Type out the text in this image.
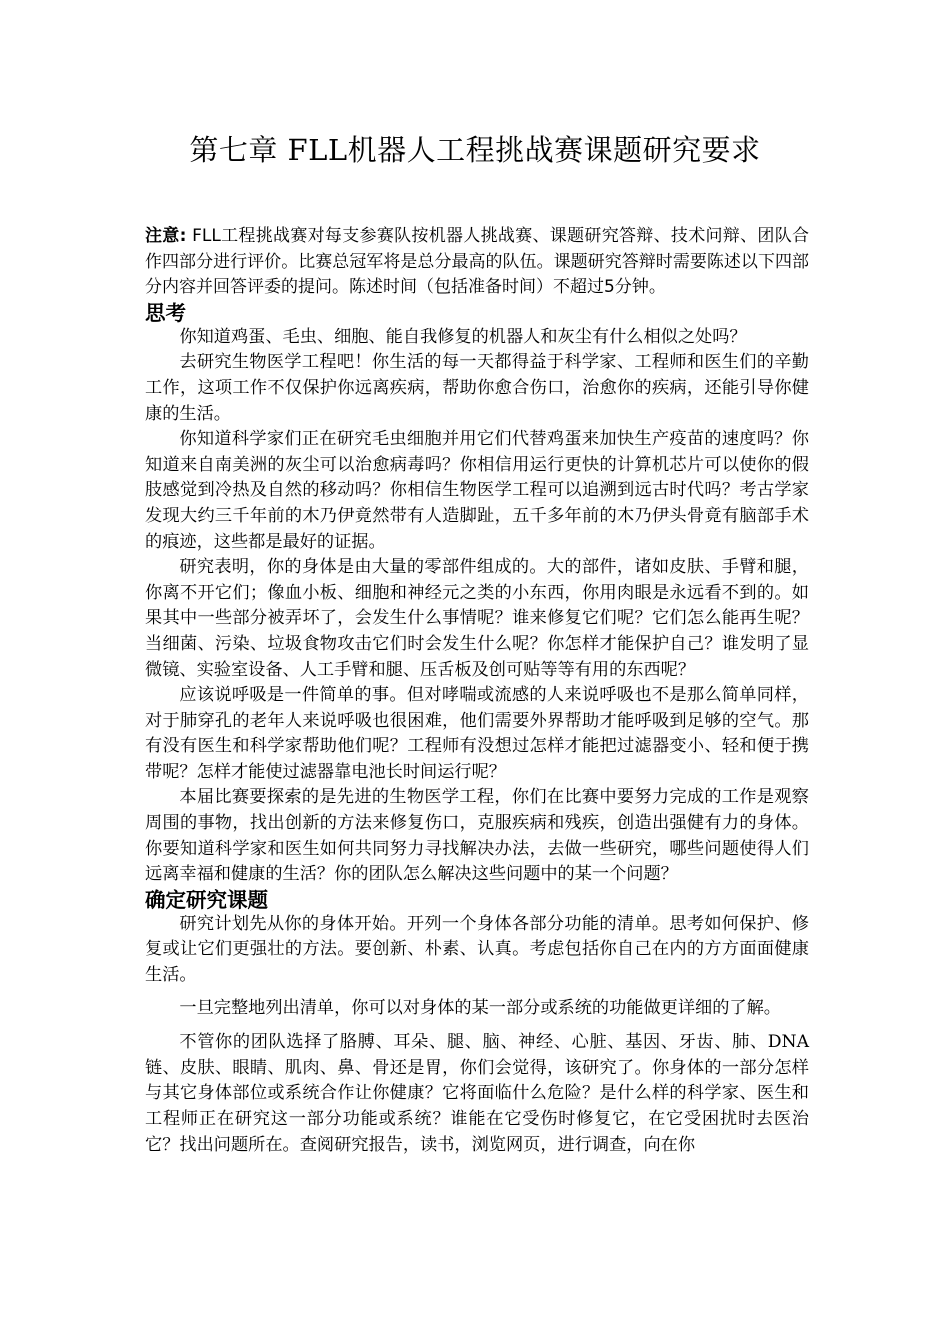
第七章 FLL机器人工程挑战赛课题研究要求

注意: FLL工程挑战赛对每支参赛队按机器人挑战赛、课题研究答辩、技术问辩、团队合作四部分进行评价。比赛总冠军将是总分最高的队伍。课题研究答辩时需要陈述以下四部分内容并回答评委的提问。陈述时间（包括准备时间）不超过5分钟。

思考

你知道鸡蛋、毛虫、细胞、能自我修复的机器人和灰尘有什么相似之处吗？

去研究生物医学工程吧！你生活的每一天都得益于科学家、工程师和医生们的辛勤工作，这项工作不仅保护你远离疾病，帮助你愈合伤口，治愈你的疾病，还能引导你健康的生活。

你知道科学家们正在研究毛虫细胞并用它们代替鸡蛋来加快生产疫苗的速度吗？你知道来自南美洲的灰尘可以治愈病毒吗？你相信用运行更快的计算机芯片可以使你的假肢感觉到冷热及自然的移动吗？你相信生物医学工程可以追溯到远古时代吗？考古学家发现大约三千年前的木乃伊竟然带有人造脚趾，五千多年前的木乃伊头骨竟有脑部手术的痕迹，这些都是最好的证据。

研究表明，你的身体是由大量的零部件组成的。大的部件，诸如皮肤、手臂和腿，你离不开它们；像血小板、细胞和神经元之类的小东西，你用肉眼是永远看不到的。如果其中一些部分被弄坏了，会发生什么事情呢？谁来修复它们呢？它们怎么能再生呢？当细菌、污染、垃圾食物攻击它们时会发生什么呢？你怎样才能保护自己？谁发明了显微镜、实验室设备、人工手臂和腿、压舌板及创可贴等等有用的东西呢？

应该说呼吸是一件简单的事。但对哮喘或流感的人来说呼吸也不是那么简单同样，对于肺穿孔的老年人来说呼吸也很困难，他们需要外界帮助才能呼吸到足够的空气。那有没有医生和科学家帮助他们呢？工程师有没想过怎样才能把过滤器变小、轻和便于携带呢？怎样才能使过滤器靠电池长时间运行呢？

本届比赛要探索的是先进的生物医学工程，你们在比赛中要努力完成的工作是观察周围的事物，找出创新的方法来修复伤口，克服疾病和残疾，创造出强健有力的身体。你要知道科学家和医生如何共同努力寻找解决办法，去做一些研究，哪些问题使得人们远离幸福和健康的生活？你的团队怎么解决这些问题中的某一个问题？

确定研究课题

研究计划先从你的身体开始。开列一个身体各部分功能的清单。思考如何保护、修复或让它们更强壮的方法。要创新、朴素、认真。考虑包括你自己在内的方方面面健康生活。

一旦完整地列出清单，你可以对身体的某一部分或系统的功能做更详细的了解。

不管你的团队选择了胳膊、耳朵、腿、脑、神经、心脏、基因、牙齿、肺、DNA链、皮肤、眼睛、肌肉、鼻、骨还是胃，你们会觉得，该研究了。你身体的一部分怎样与其它身体部位或系统合作让你健康？它将面临什么危险？是什么样的科学家、医生和工程师正在研究这一部分功能或系统？谁能在它受伤时修复它，在它受困扰时去医治它？找出问题所在。查阅研究报告，读书，浏览网页，进行调查，向在你
